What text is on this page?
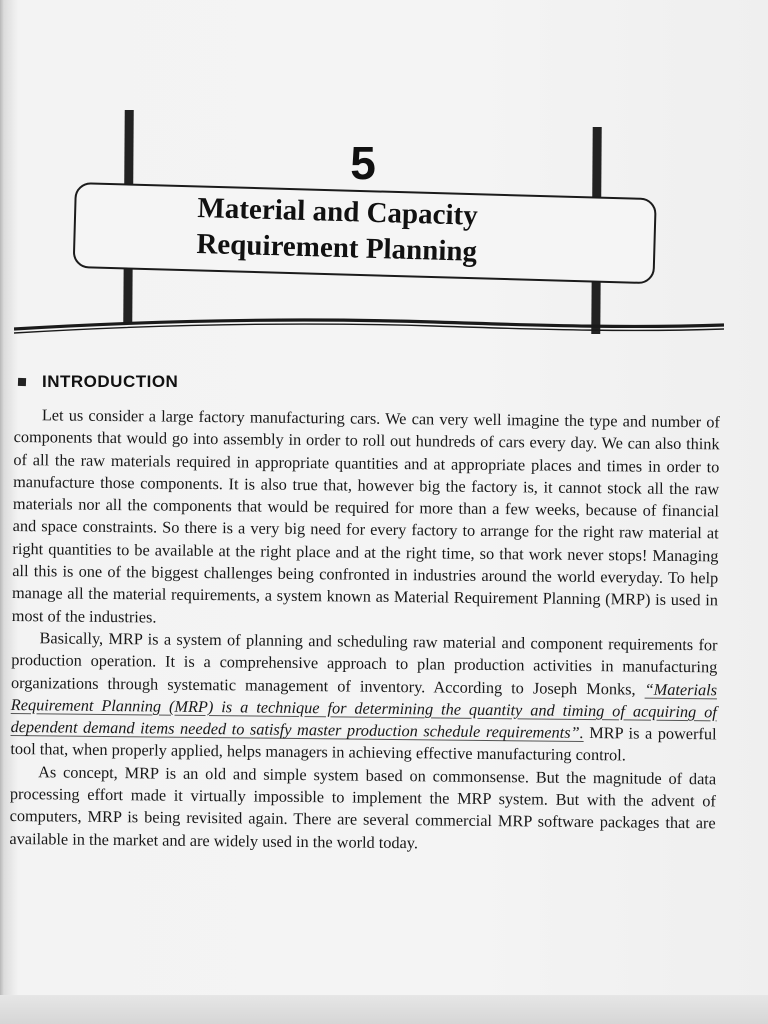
5
Material and Capacity
Requirement Planning
INTRODUCTION

Let us consider a large factory manufacturing cars. We can very well imagine the type and number of components that would go into assembly in order to roll out hundreds of cars every day. We can also think of all the raw materials required in appropriate quantities and at appropriate places and times in order to manufacture those components. It is also true that, however big the factory is, it cannot stock all the raw materials nor all the components that would be required for more than a few weeks, because of financial and space constraints. So there is a very big need for every factory to arrange for the right raw material at right quantities to be available at the right place and at the right time, so that work never stops! Managing all this is one of the biggest challenges being confronted in industries around the world everyday. To help manage all the material requirements, a system known as Material Requirement Planning (MRP) is used in most of the industries.

Basically, MRP is a system of planning and scheduling raw material and component requirements for production operation. It is a comprehensive approach to plan production activities in manufacturing organizations through systematic management of inventory. According to Joseph Monks, “Materials Requirement Planning (MRP) is a technique for determining the quantity and timing of acquiring of dependent demand items needed to satisfy master production schedule requirements”. MRP is a powerful tool that, when properly applied, helps managers in achieving effective manufacturing control.

As concept, MRP is an old and simple system based on commonsense. But the magnitude of data processing effort made it virtually impossible to implement the MRP system. But with the advent of computers, MRP is being revisited again. There are several commercial MRP software packages that are available in the market and are widely used in the world today.
